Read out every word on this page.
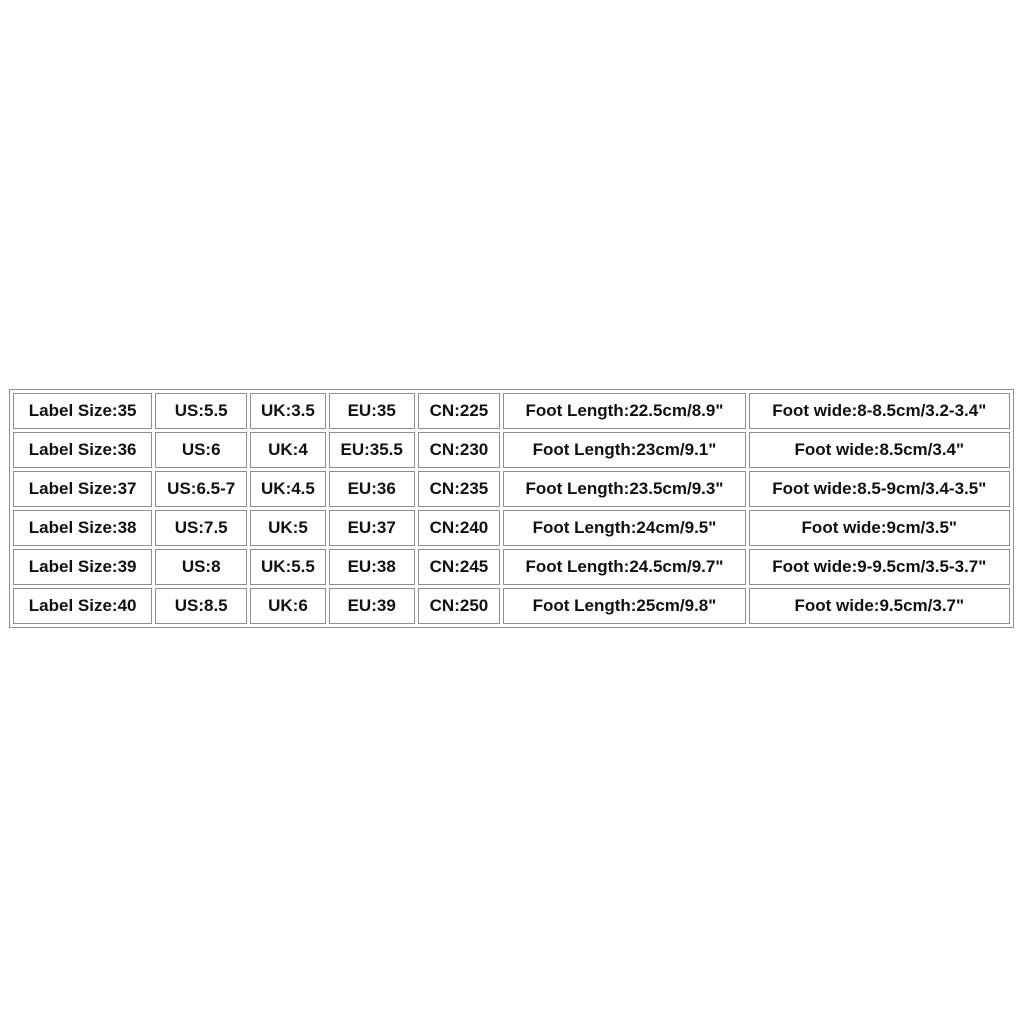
Label Size:35	US:5.5	UK:3.5	EU:35	CN:225	Foot Length:22.5cm/8.9"	Foot wide:8-8.5cm/3.2-3.4"
Label Size:36	US:6	UK:4	EU:35.5	CN:230	Foot Length:23cm/9.1"	Foot wide:8.5cm/3.4"
Label Size:37	US:6.5-7	UK:4.5	EU:36	CN:235	Foot Length:23.5cm/9.3"	Foot wide:8.5-9cm/3.4-3.5"
Label Size:38	US:7.5	UK:5	EU:37	CN:240	Foot Length:24cm/9.5"	Foot wide:9cm/3.5"
Label Size:39	US:8	UK:5.5	EU:38	CN:245	Foot Length:24.5cm/9.7"	Foot wide:9-9.5cm/3.5-3.7"
Label Size:40	US:8.5	UK:6	EU:39	CN:250	Foot Length:25cm/9.8"	Foot wide:9.5cm/3.7"
